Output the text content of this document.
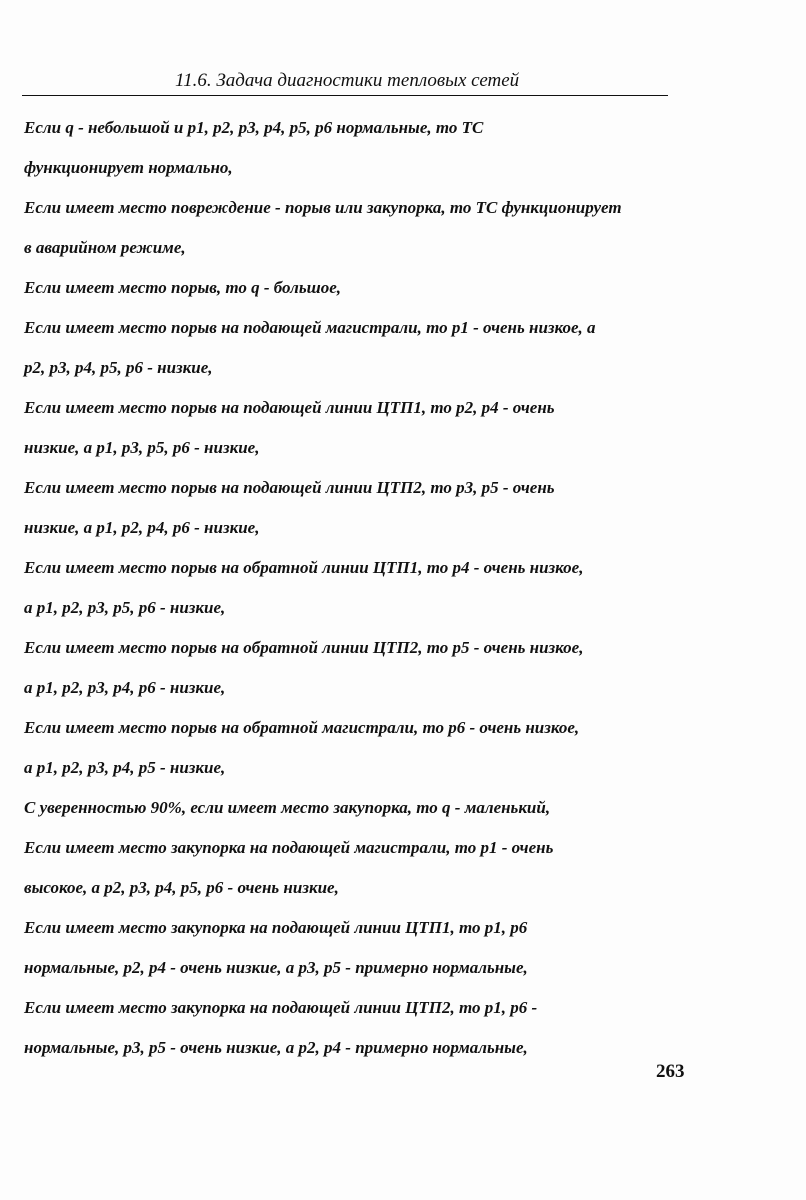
11.6. Задача диагностики тепловых сетей

Если q - небольшой и p1, p2, p3, p4, p5, p6 нормальные, то TC
функционирует нормально,

Если имеет место повреждение - порыв или закупорка, то TC функционирует
в аварийном режиме,

Если имеет место порыв, то q - большое,

Если имеет место порыв на подающей магистрали, то p1 - очень низкое, а
p2, p3, p4, p5, p6 - низкие,

Если имеет место порыв на подающей линии ЦТП1, то p2, p4 - очень
низкие, а p1, p3, p5, p6 - низкие,

Если имеет место порыв на подающей линии ЦТП2, то p3, p5 - очень
низкие, а p1, p2, p4, p6 - низкие,

Если имеет место порыв на обратной линии ЦТП1, то p4 - очень низкое,
а p1, p2, p3, p5, p6 - низкие,

Если имеет место порыв на обратной линии ЦТП2, то p5 - очень низкое,
а p1, p2, p3, p4, p6 - низкие,

Если имеет место порыв на обратной магистрали, то p6 - очень низкое,
а p1, p2, p3, p4, p5 - низкие,

С уверенностью 90%, если имеет место закупорка, то q - маленький,

Если имеет место закупорка на подающей магистрали, то p1 - очень
высокое, а p2, p3, p4, p5, p6 - очень низкие,

Если имеет место закупорка на подающей линии ЦТП1, то p1, p6
нормальные, p2, p4 - очень низкие, а p3, p5 - примерно нормальные,

Если имеет место закупорка на подающей линии ЦТП2, то p1, p6 -
нормальные, p3, p5 - очень низкие, а p2, p4 - примерно нормальные,

263
